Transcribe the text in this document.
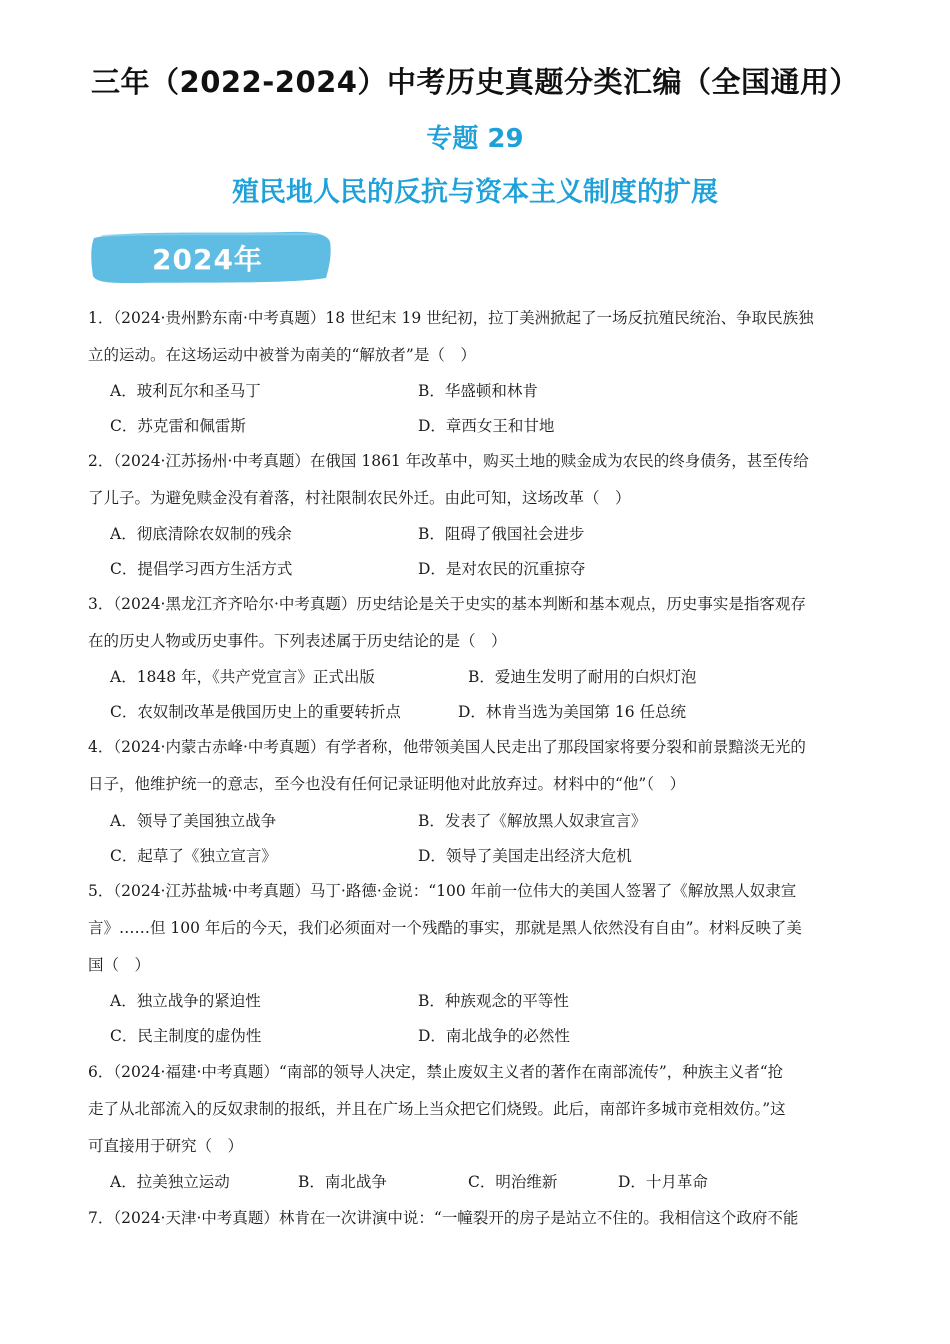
三年（2022-2024）中考历史真题分类汇编（全国通用）
专题 29
殖民地人民的反抗与资本主义制度的扩展
2024年
1．（2024·贵州黔东南·中考真题）18 世纪末 19 世纪初，拉丁美洲掀起了一场反抗殖民统治、争取民族独
立的运动。在这场运动中被誉为南美的“解放者”是（　）
A．玻利瓦尔和圣马丁	B．华盛顿和林肯
C．苏克雷和佩雷斯	D．章西女王和甘地
2．（2024·江苏扬州·中考真题）在俄国 1861 年改革中，购买土地的赎金成为农民的终身债务，甚至传给
了儿子。为避免赎金没有着落，村社限制农民外迁。由此可知，这场改革（　）
A．彻底清除农奴制的残余	B．阻碍了俄国社会进步
C．提倡学习西方生活方式	D．是对农民的沉重掠夺
3．（2024·黑龙江齐齐哈尔·中考真题）历史结论是关于史实的基本判断和基本观点，历史事实是指客观存
在的历史人物或历史事件。下列表述属于历史结论的是（　）
A．1848 年，《共产党宣言》正式出版	B．爱迪生发明了耐用的白炽灯泡
C．农奴制改革是俄国历史上的重要转折点	D．林肯当选为美国第 16 任总统
4．（2024·内蒙古赤峰·中考真题）有学者称，他带领美国人民走出了那段国家将要分裂和前景黯淡无光的
日子，他维护统一的意志，至今也没有任何记录证明他对此放弃过。材料中的“他”（　）
A．领导了美国独立战争	B．发表了《解放黑人奴隶宣言》
C．起草了《独立宣言》	D．领导了美国走出经济大危机
5．（2024·江苏盐城·中考真题）马丁·路德·金说：“100 年前一位伟大的美国人签署了《解放黑人奴隶宣
言》……但 100 年后的今天，我们必须面对一个残酷的事实，那就是黑人依然没有自由”。材料反映了美
国（　）
A．独立战争的紧迫性	B．种族观念的平等性
C．民主制度的虚伪性	D．南北战争的必然性
6．（2024·福建·中考真题）“南部的领导人决定，禁止废奴主义者的著作在南部流传”，种族主义者“抢
走了从北部流入的反奴隶制的报纸，并且在广场上当众把它们烧毁。此后，南部许多城市竞相效仿。”这
可直接用于研究（　）
A．拉美独立运动	B．南北战争	C．明治维新	D．十月革命
7．（2024·天津·中考真题）林肯在一次讲演中说：“一幢裂开的房子是站立不住的。我相信这个政府不能
